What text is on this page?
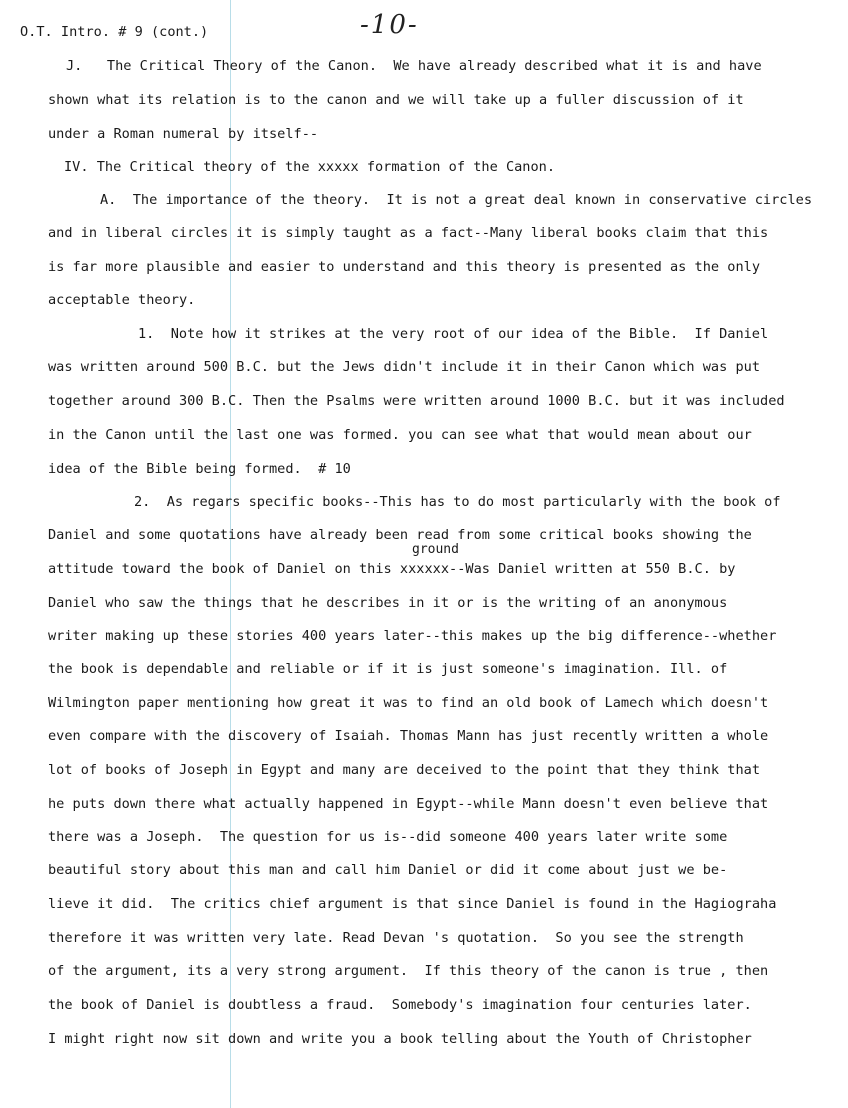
O.T. Intro. # 9 (cont.)	-10-
ground
J.   The Critical Theory of the Canon.  We have already described what it is and have
shown what its relation is to the canon and we will take up a fuller discussion of it
under a Roman numeral by itself--
IV. The Critical theory of the xxxxx formation of the Canon.
A.  The importance of the theory.  It is not a great deal known in conservative circles
and in liberal circles it is simply taught as a fact--Many liberal books claim that this
is far more plausible and easier to understand and this theory is presented as the only
acceptable theory.
1.  Note how it strikes at the very root of our idea of the Bible.  If Daniel
was written around 500 B.C. but the Jews didn't include it in their Canon which was put
together around 300 B.C. Then the Psalms were written around 1000 B.C. but it was included
in the Canon until the last one was formed. you can see what that would mean about our
idea of the Bible being formed.  # 10
2.  As regars specific books--This has to do most particularly with the book of
Daniel and some quotations have already been read from some critical books showing the
attitude toward the book of Daniel on this xxxxxx--Was Daniel written at 550 B.C. by
Daniel who saw the things that he describes in it or is the writing of an anonymous
writer making up these stories 400 years later--this makes up the big difference--whether
the book is dependable and reliable or if it is just someone's imagination. Ill. of
Wilmington paper mentioning how great it was to find an old book of Lamech which doesn't
even compare with the discovery of Isaiah. Thomas Mann has just recently written a whole
lot of books of Joseph in Egypt and many are deceived to the point that they think that
he puts down there what actually happened in Egypt--while Mann doesn't even believe that
there was a Joseph.  The question for us is--did someone 400 years later write some
beautiful story about this man and call him Daniel or did it come about just we be-
lieve it did.  The critics chief argument is that since Daniel is found in the Hagiograha
therefore it was written very late. Read Devan 's quotation.  So you see the strength
of the argument, its a very strong argument.  If this theory of the canon is true , then
the book of Daniel is doubtless a fraud.  Somebody's imagination four centuries later.
I might right now sit down and write you a book telling about the Youth of Christopher
